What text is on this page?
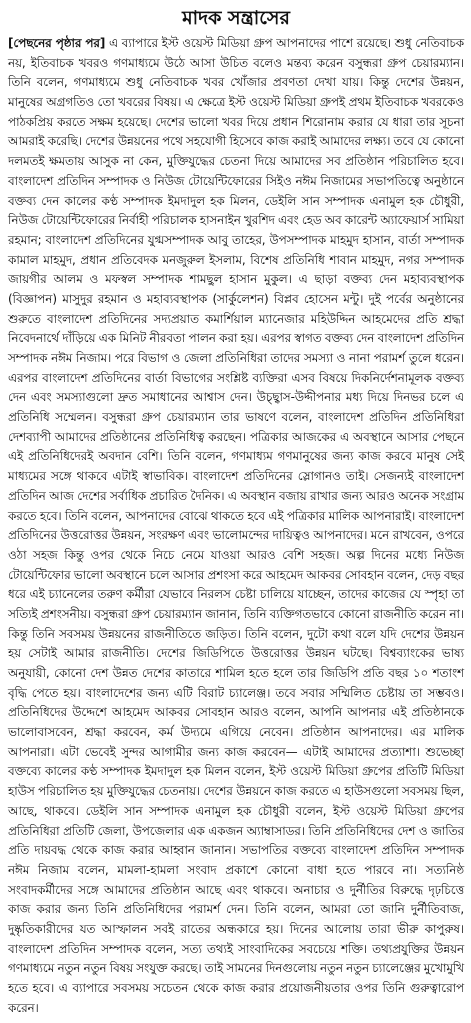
মাদক সন্ত্রাসের

[পেছনের পৃষ্ঠার পর] এ ব্যাপারে ইস্ট ওয়েস্ট মিডিয়া গ্রুপ আপনাদের পাশে রয়েছে। শুধু নেতিবাচক নয়, ইতিবাচক খবরও গণমাধ্যমে উঠে আসা উচিত বলেও মন্তব্য করেন বসুন্ধরা গ্রুপ চেয়ারম্যান। তিনি বলেন, গণমাধ্যমে শুধু নেতিবাচক খবর খোঁজার প্রবণতা দেখা যায়। কিন্তু দেশের উন্নয়ন, মানুষের অগ্রগতিও তো খবরের বিষয়। এ ক্ষেত্রে ইস্ট ওয়েস্ট মিডিয়া গ্রুপই প্রথম ইতিবাচক খবরকেও পাঠকপ্রিয় করতে সক্ষম হয়েছে। দেশের ভালো খবর দিয়ে প্রধান শিরোনাম করার যে ধারা তার সূচনা আমরাই করেছি। দেশের উন্নয়নের পথে সহযোগী হিসেবে কাজ করাই আমাদের লক্ষ্য। তবে যে কোনো দলমতই ক্ষমতায় আসুক না কেন, মুক্তিযুদ্ধের চেতনা দিয়ে আমাদের সব প্রতিষ্ঠান পরিচালিত হবে। বাংলাদেশ প্রতিদিন সম্পাদক ও নিউজ টোয়েন্টিফোরের সিইও নঈম নিজামের সভাপতিত্বে অনুষ্ঠানে বক্তব্য দেন কালের কণ্ঠ সম্পাদক ইমদাদুল হক মিলন, ডেইলি সান সম্পাদক এনামুল হক চৌধুরী, নিউজ টোয়েন্টিফোরের নির্বাহী পরিচালক হাসনাইন খুরশিদ এবং হেড অব কারেন্ট অ্যাফেয়ার্স সামিয়া রহমান; বাংলাদেশ প্রতিদিনের যুগ্মসম্পাদক আবু তাহের, উপসম্পাদক মাহমুদ হাসান, বার্তা সম্পাদক কামাল মাহমুদ, প্রধান প্রতিবেদক মনজুরুল ইসলাম, বিশেষ প্রতিনিধি শাবান মাহমুদ, নগর সম্পাদক জায়গীর আলম ও মফস্বল সম্পাদক শামছুল হাসান মুকুল। এ ছাড়া বক্তব্য দেন মহাব্যবস্থাপক (বিজ্ঞাপন) মাসুদুর রহমান ও মহাব্যবস্থাপক (সার্কুলেশন) বিপ্লব হোসেন মন্টু। দুই পর্বের অনুষ্ঠানের শুরুতে বাংলাদেশ প্রতিদিনের সদ্যপ্রয়াত কমার্শিয়াল ম্যানেজার মহিউদ্দিন আহমেদের প্রতি শ্রদ্ধা নিবেদনার্থে দাঁড়িয়ে এক মিনিট নীরবতা পালন করা হয়। এরপর স্বাগত বক্তব্য দেন বাংলাদেশ প্রতিদিন সম্পাদক নঈম নিজাম। পরে বিভাগ ও জেলা প্রতিনিধিরা তাদের সমস্যা ও নানা পরামর্শ তুলে ধরেন। এরপর বাংলাদেশ প্রতিদিনের বার্তা বিভাগের সংশ্লিষ্ট ব্যক্তিরা এসব বিষয়ে দিকনির্দেশনামূলক বক্তব্য দেন এবং সমস্যাগুলো দ্রুত সমাধানের আশ্বাস দেন। উচ্ছ্বাস-উদ্দীপনার মধ্য দিয়ে দিনভর চলে এ প্রতিনিধি সম্মেলন। বসুন্ধরা গ্রুপ চেয়ারম্যান তার ভাষণে বলেন, বাংলাদেশ প্রতিদিন প্রতিনিধিরা দেশব্যাপী আমাদের প্রতিষ্ঠানের প্রতিনিধিত্ব করছেন। পত্রিকার আজকের এ অবস্থানে আসার পেছনে এই প্রতিনিধিদেরই অবদান বেশি। তিনি বলেন, গণমাধ্যম গণমানুষের জন্য কাজ করবে মানুষ সেই মাধ্যমের সঙ্গে থাকবে এটাই স্বাভাবিক। বাংলাদেশ প্রতিদিনের স্লোগানও তাই। সেজন্যই বাংলাদেশ প্রতিদিন আজ দেশের সর্বাধিক প্রচারিত দৈনিক। এ অবস্থান বজায় রাখার জন্য আরও অনেক সংগ্রাম করতে হবে। তিনি বলেন, আপনাদের বোঝে থাকতে হবে এই পত্রিকার মালিক আপনারাই। বাংলাদেশ প্রতিদিনের উত্তরোত্তর উন্নয়ন, সংরক্ষণ এবং ভালোমন্দের দায়িত্বও আপনাদের। মনে রাখবেন, ওপরে ওঠা সহজ কিন্তু ওপর থেকে নিচে নেমে যাওয়া আরও বেশি সহজ। অল্প দিনের মধ্যে নিউজ টোয়েন্টিফোর ভালো অবস্থানে চলে আসার প্রশংসা করে আহমেদ আকবর সোবহান বলেন, দেড় বছর ধরে এই চ্যানেলের তরুণ কর্মীরা যেভাবে নিরলস চেষ্টা চালিয়ে যাচ্ছেন, তাদের কাজের যে স্পৃহা তা সত্যিই প্রশংসনীয়। বসুন্ধরা গ্রুপ চেয়ারম্যান জানান, তিনি ব্যক্তিগতভাবে কোনো রাজনীতি করেন না। কিন্তু তিনি সবসময় উন্নয়নের রাজনীতিতে জড়িত। তিনি বলেন, দুটো কথা বলে যদি দেশের উন্নয়ন হয় সেটাই আমার রাজনীতি। দেশের জিডিপিতে উত্তরোত্তর উন্নয়ন ঘটছে। বিশ্বব্যাংকের ভাষ্য অনুযায়ী, কোনো দেশ উন্নত দেশের কাতারে শামিল হতে হলে তার জিডিপি প্রতি বছর ১০ শতাংশ বৃদ্ধি পেতে হয়। বাংলাদেশের জন্য এটি বিরাট চ্যালেঞ্জ। তবে সবার সম্মিলিত চেষ্টায় তা সম্ভবও। প্রতিনিধিদের উদ্দেশে আহমেদ আকবর সোবহান আরও বলেন, আপনি আপনার এই প্রতিষ্ঠানকে ভালোবাসবেন, শ্রদ্ধা করবেন, কর্ম উদ্যমে এগিয়ে নেবেন। প্রতিষ্ঠান আপনাদের। এর মালিক আপনারা। এটা ভেবেই সুন্দর আগামীর জন্য কাজ করবেন— এটাই আমাদের প্রত্যাশা। শুভেচ্ছা বক্তব্যে কালের কণ্ঠ সম্পাদক ইমদাদুল হক মিলন বলেন, ইস্ট ওয়েস্ট মিডিয়া গ্রুপের প্রতিটি মিডিয়া হাউস পরিচালিত হয় মুক্তিযুদ্ধের চেতনায়। দেশের উন্নয়নে কাজ করতে এ হাউসগুলো সবসময় ছিল, আছে, থাকবে। ডেইলি সান সম্পাদক এনামুল হক চৌধুরী বলেন, ইস্ট ওয়েস্ট মিডিয়া গ্রুপের প্রতিনিধিরা প্রতিটি জেলা, উপজেলার এক একজন অ্যাম্বাসাডর। তিনি প্রতিনিধিদের দেশ ও জাতির প্রতি দায়বদ্ধ থেকে কাজ করার আহ্বান জানান। সভাপতির বক্তব্যে বাংলাদেশ প্রতিদিন সম্পাদক নঈম নিজাম বলেন, মামলা-হামলা সংবাদ প্রকাশে কোনো বাধা হতে পারবে না। সত্যনিষ্ঠ সংবাদকর্মীদের সঙ্গে আমাদের প্রতিষ্ঠান আছে এবং থাকবে। অনাচার ও দুর্নীতির বিরুদ্ধে দৃঢ়চিত্তে কাজ করার জন্য তিনি প্রতিনিধিদের পরামর্শ দেন। তিনি বলেন, আমরা তো জানি দুর্নীতিবাজ, দুষ্কৃতিকারীদের যত আস্ফালন সবই রাতের অন্ধকারে হয়। দিনের আলোয় তারা ভীরু কাপুরুষ। বাংলাদেশ প্রতিদিন সম্পাদক বলেন, সত্য তথ্যই সাংবাদিকের সবচেয়ে শক্তি। তথ্যপ্রযুক্তির উন্নয়ন গণমাধ্যমে নতুন নতুন বিষয় সংযুক্ত করছে। তাই সামনের দিনগুলোয় নতুন নতুন চ্যালেঞ্জের মুখোমুখি হতে হবে। এ ব্যাপারে সবসময় সচেতন থেকে কাজ করার প্রয়োজনীয়তার ওপর তিনি গুরুত্বারোপ করেন।
